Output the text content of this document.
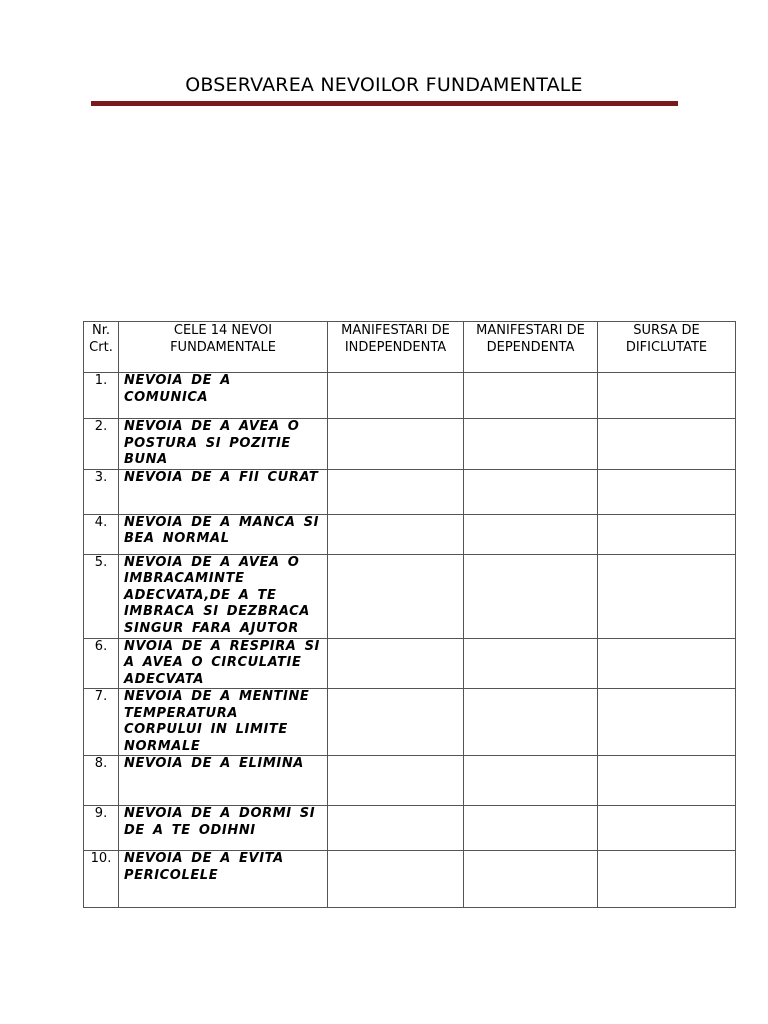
OBSERVAREA NEVOILOR FUNDAMENTALE
Nr.Crt.	CELE 14 NEVOI FUNDAMENTALE	MANIFESTARI DE INDEPENDENTA	MANIFESTARI DE DEPENDENTA	SURSA DE DIFICLUTATE
1.	NEVOIA DE A COMUNICA			
2.	NEVOIA DE A AVEA O POSTURA SI POZITIE BUNA			
3.	NEVOIA DE A FII CURAT			
4.	NEVOIA DE A MANCA SI BEA NORMAL			
5.	NEVOIA DE A AVEA O IMBRACAMINTE ADECVATA,DE A TE IMBRACA SI DEZBRACA SINGUR FARA AJUTOR			
6.	NVOIA DE A RESPIRA SI A AVEA O CIRCULATIE ADECVATA			
7.	NEVOIA DE A MENTINE TEMPERATURA CORPULUI IN LIMITE NORMALE			
8.	NEVOIA DE A ELIMINA			
9.	NEVOIA DE A DORMI SI DE A TE ODIHNI			
10.	NEVOIA DE A EVITA PERICOLELE			
